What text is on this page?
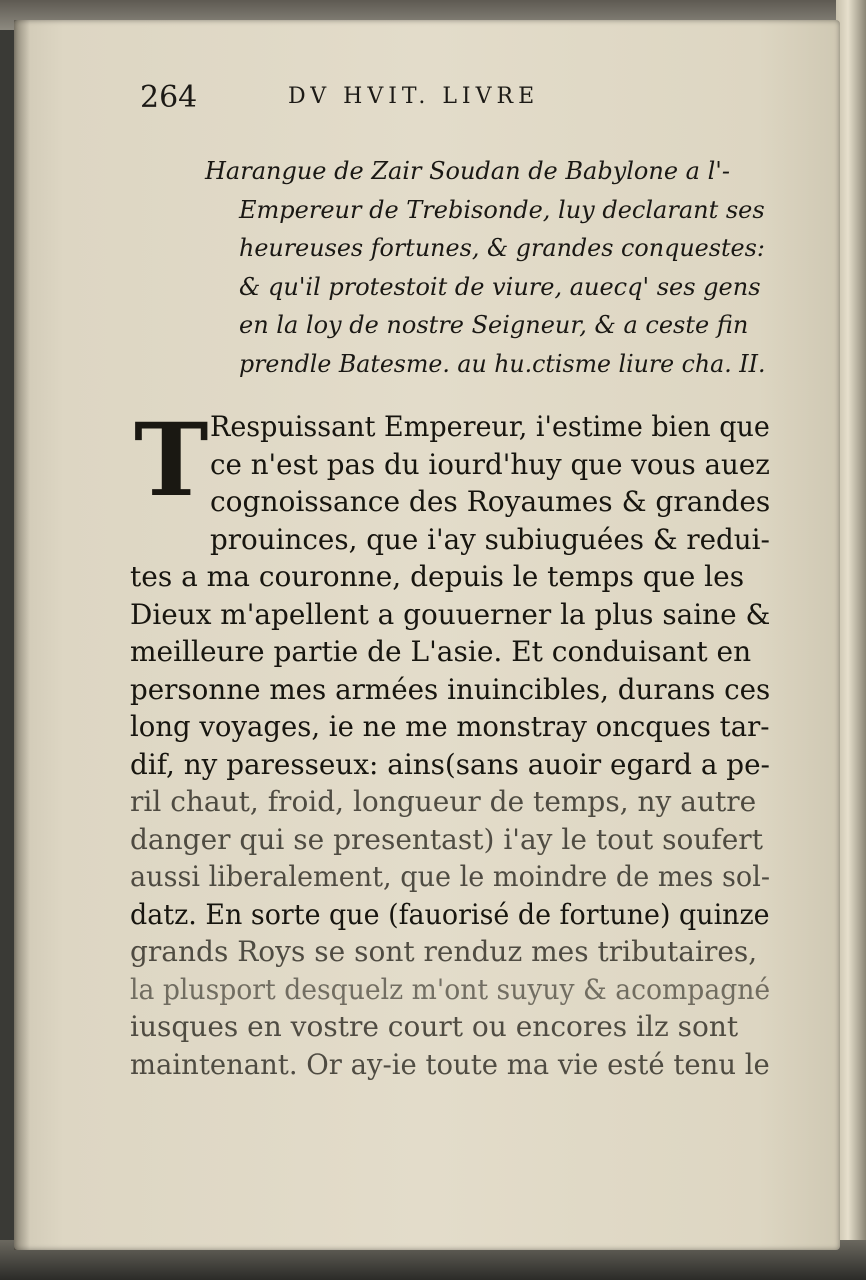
264	DV HVIT. LIVRE
Harangue de Zair Soudan de Babylone a l'-
Empereur de Trebisonde, luy declarant ses
heureuses fortunes, & grandes conquestes:
& qu'il protestoit de viure, auecq' ses gens
en la loy de nostre Seigneur, & a ceste fin
prendle Batesme. au hu.ctisme liure cha. II.
T Respuissant Empereur, i'estime bien que
ce n'est pas du iourd'huy que vous auez
cognoissance des Royaumes & grandes
prouinces, que i'ay subiuguées & redui-
tes a ma couronne, depuis le temps que les
Dieux m'apellent a gouuerner la plus saine &
meilleure partie de L'asie. Et conduisant en
personne mes armées inuincibles, durans ces
long voyages, ie ne me monstray oncques tar-
dif, ny paresseux: ains(sans auoir egard a pe-
ril chaut, froid, longueur de temps, ny autre
danger qui se presentast) i'ay le tout soufert
aussi liberalement, que le moindre de mes sol-
datz. En sorte que (fauorisé de fortune) quinze
grands Roys se sont renduz mes tributaires,
la plusport desquelz m'ont suyuy & acompagné
iusques en vostre court ou encores ilz sont
maintenant. Or ay-ie toute ma vie esté tenu le
